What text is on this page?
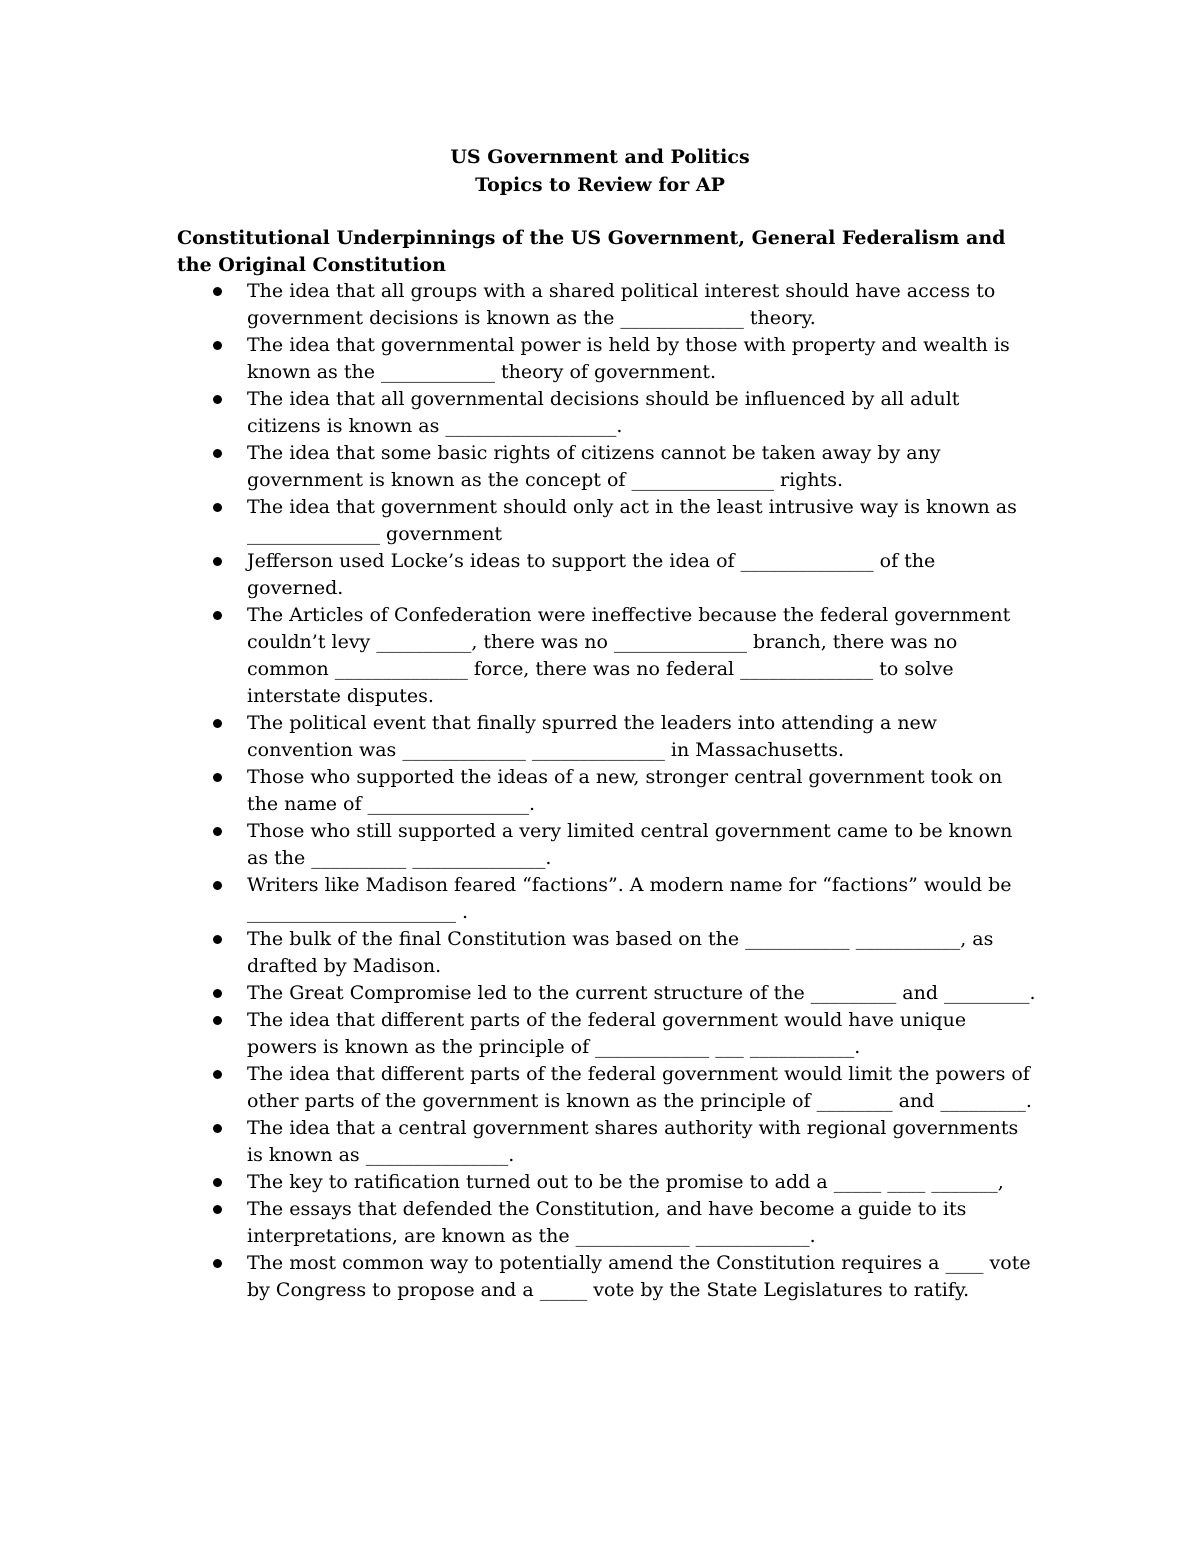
US Government and Politics
Topics to Review for AP
Constitutional Underpinnings of the US Government, General Federalism and the Original Constitution
The idea that all groups with a shared political interest should have access to government decisions is known as the _____________ theory.
The idea that governmental power is held by those with property and wealth is known as the ____________ theory of government.
The idea that all governmental decisions should be influenced by all adult citizens is known as __________________.
The idea that some basic rights of citizens cannot be taken away by any government is known as the concept of _______________ rights.
The idea that government should only act in the least intrusive way is known as ______________ government
Jefferson used Locke’s ideas to support the idea of ______________ of the governed.
The Articles of Confederation were ineffective because the federal government couldn’t levy __________, there was no ______________ branch, there was no common ______________ force, there was no federal ______________ to solve interstate disputes.
The political event that finally spurred the leaders into attending a new convention was _____________ ______________ in Massachusetts.
Those who supported the ideas of a new, stronger central government took on the name of _________________.
Those who still supported a very limited central government came to be known as the __________ ______________.
Writers like Madison feared “factions”. A modern name for “factions” would be ______________________ .
The bulk of the final Constitution was based on the ___________ ___________, as drafted by Madison.
The Great Compromise led to the current structure of the _________ and _________.
The idea that different parts of the federal government would have unique powers is known as the principle of ____________ ___ ___________.
The idea that different parts of the federal government would limit the powers of other parts of the government is known as the principle of ________ and _________.
The idea that a central government shares authority with regional governments is known as _______________.
The key to ratification turned out to be the promise to add a _____ ____ _______,
The essays that defended the Constitution, and have become a guide to its interpretations, are known as the ____________ ____________.
The most common way to potentially amend the Constitution requires a ____ vote by Congress to propose and a _____ vote by the State Legislatures to ratify.
